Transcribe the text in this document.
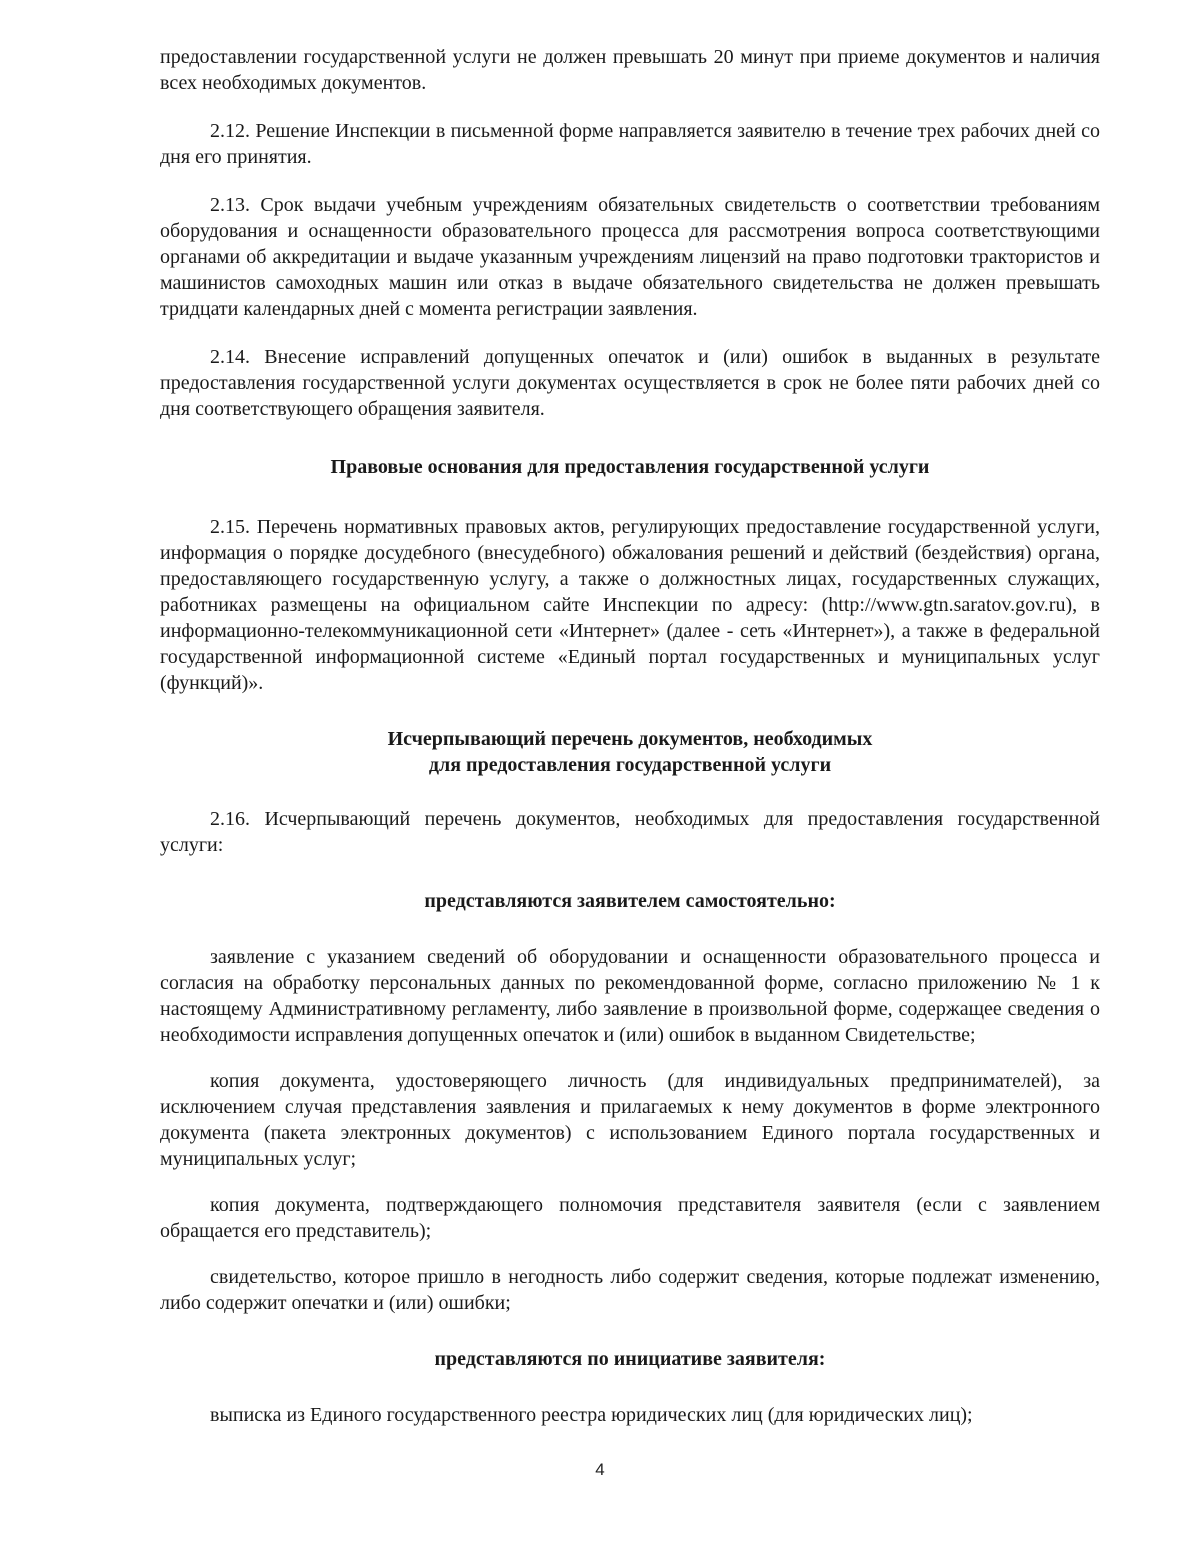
предоставлении государственной услуги не должен превышать 20 минут при приеме документов и наличия всех необходимых документов.

2.12. Решение Инспекции в письменной форме направляется заявителю в течение трех рабочих дней со дня его принятия.

2.13. Срок выдачи учебным учреждениям обязательных свидетельств о соответствии требованиям оборудования и оснащенности образовательного процесса для рассмотрения вопроса соответствующими органами об аккредитации и выдаче указанным учреждениям лицензий на право подготовки трактористов и машинистов самоходных машин или отказ в выдаче обязательного свидетельства не должен превышать тридцати календарных дней с момента регистрации заявления.

2.14. Внесение исправлений допущенных опечаток и (или) ошибок в выданных в результате предоставления государственной услуги документах осуществляется в срок не более пяти рабочих дней со дня соответствующего обращения заявителя.

Правовые основания для предоставления государственной услуги

2.15. Перечень нормативных правовых актов, регулирующих предоставление государственной услуги, информация о порядке досудебного (внесудебного) обжалования решений и действий (бездействия) органа, предоставляющего государственную услугу, а также о должностных лицах, государственных служащих, работниках размещены на официальном сайте Инспекции по адресу: (http://www.gtn.saratov.gov.ru), в информационно-телекоммуникационной сети «Интернет» (далее - сеть «Интернет»), а также в федеральной государственной информационной системе «Единый портал государственных и муниципальных услуг (функций)».

Исчерпывающий перечень документов, необходимых

для предоставления государственной услуги

2.16. Исчерпывающий перечень документов, необходимых для предоставления государственной услуги:

представляются заявителем самостоятельно:

заявление с указанием сведений об оборудовании и оснащенности образовательного процесса и согласия на обработку персональных данных по рекомендованной форме, согласно приложению № 1 к настоящему Административному регламенту, либо заявление в произвольной форме, содержащее сведения о необходимости исправления допущенных опечаток и (или) ошибок в выданном Свидетельстве;

копия документа, удостоверяющего личность (для индивидуальных предпринимателей), за исключением случая представления заявления и прилагаемых к нему документов в форме электронного документа (пакета электронных документов) с использованием Единого портала государственных и муниципальных услуг;

копия документа, подтверждающего полномочия представителя заявителя (если с заявлением обращается его представитель);

свидетельство, которое пришло в негодность либо содержит сведения, которые подлежат изменению, либо содержит опечатки и (или) ошибки;

представляются по инициативе заявителя:

выписка из Единого государственного реестра юридических лиц (для юридических лиц);

4
